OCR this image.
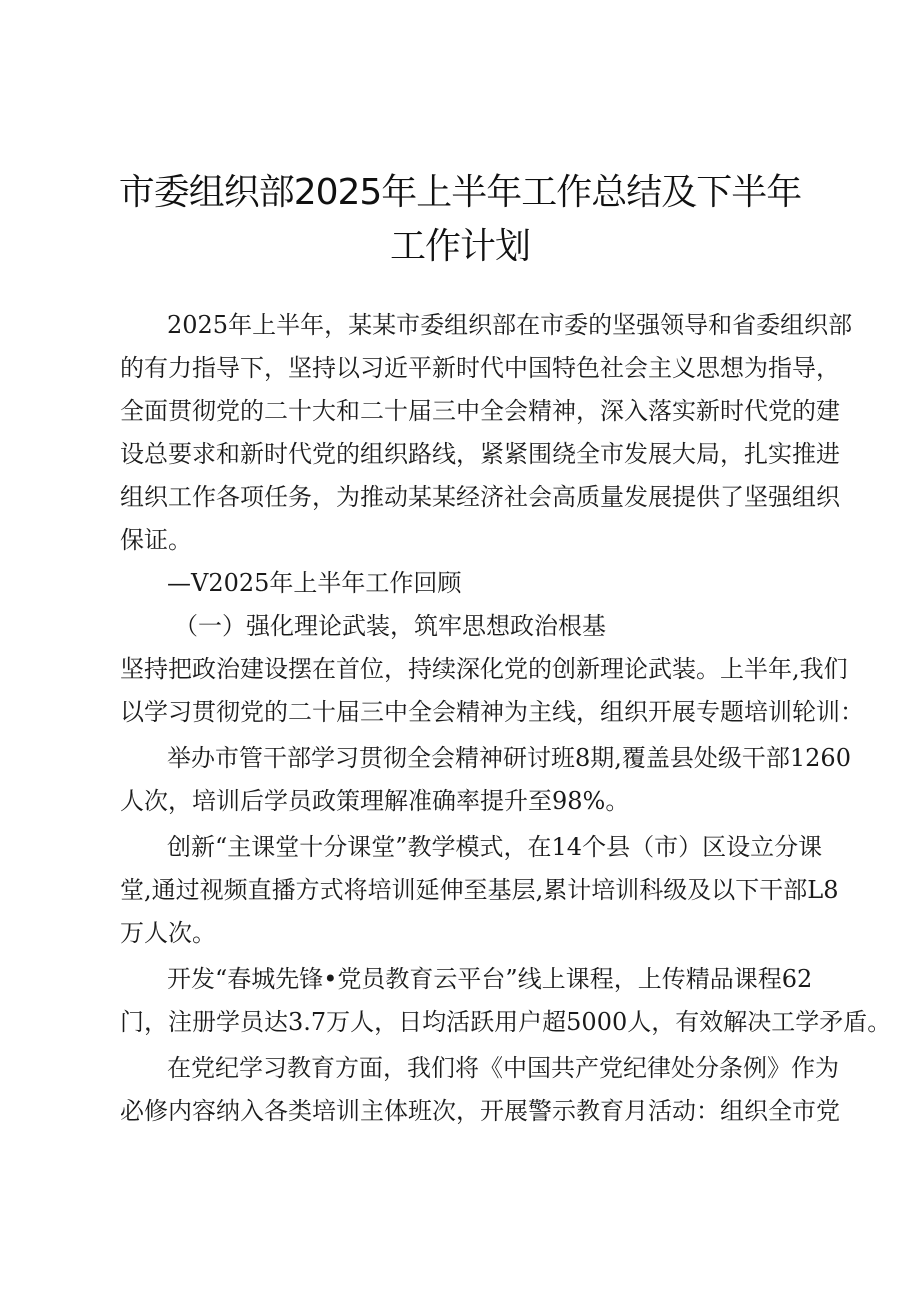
市委组织部2025年上半年工作总结及下半年
工作计划
2025年上半年，某某市委组织部在市委的坚强领导和省委组织部
的有力指导下，坚持以习近平新时代中国特色社会主义思想为指导，
全面贯彻党的二十大和二十届三中全会精神，深入落实新时代党的建
设总要求和新时代党的组织路线，紧紧围绕全市发展大局，扎实推进
组织工作各项任务，为推动某某经济社会高质量发展提供了坚强组织
保证。
—V2025年上半年工作回顾
（一）强化理论武装，筑牢思想政治根基
坚持把政治建设摆在首位，持续深化党的创新理论武装。上半年,我们
以学习贯彻党的二十届三中全会精神为主线，组织开展专题培训轮训：
举办市管干部学习贯彻全会精神研讨班8期,覆盖县处级干部1260
人次，培训后学员政策理解准确率提升至98%。
创新“主课堂十分课堂”教学模式，在14个县（市）区设立分课
堂,通过视频直播方式将培训延伸至基层,累计培训科级及以下干部L8
万人次。
开发“春城先锋•党员教育云平台”线上课程，上传精品课程62
门，注册学员达3.7万人，日均活跃用户超5000人，有效解决工学矛盾。
在党纪学习教育方面，我们将《中国共产党纪律处分条例》作为
必修内容纳入各类培训主体班次，开展警示教育月活动：组织全市党
